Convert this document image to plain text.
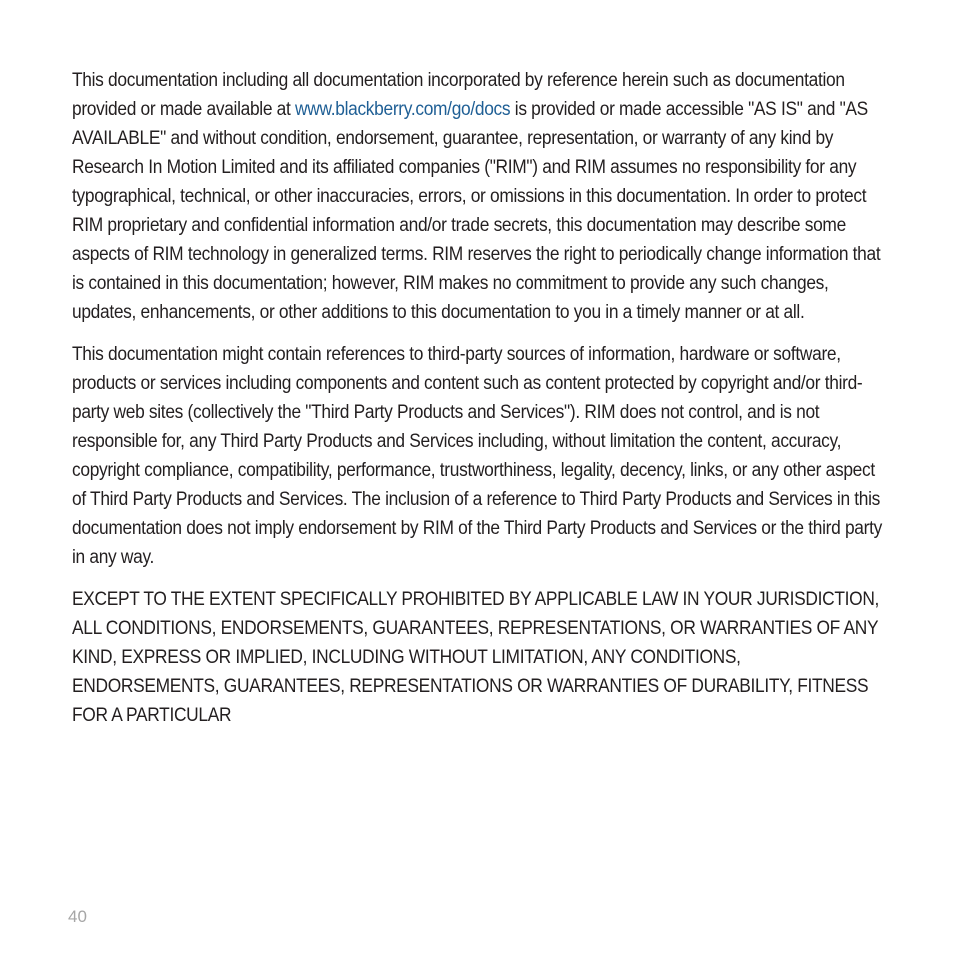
This documentation including all documentation incorporated by reference herein such as documentation provided or made available at www.blackberry.com/go/docs is provided or made accessible "AS IS" and "AS AVAILABLE" and without condition, endorsement, guarantee, representation, or warranty of any kind by Research In Motion Limited and its affiliated companies ("RIM") and RIM assumes no responsibility for any typographical, technical, or other inaccuracies, errors, or omissions in this documentation. In order to protect RIM proprietary and confidential information and/or trade secrets, this documentation may describe some aspects of RIM technology in generalized terms. RIM reserves the right to periodically change information that is contained in this documentation; however, RIM makes no commitment to provide any such changes, updates, enhancements, or other additions to this documentation to you in a timely manner or at all.

This documentation might contain references to third-party sources of information, hardware or software, products or services including components and content such as content protected by copyright and/or third-party web sites (collectively the "Third Party Products and Services"). RIM does not control, and is not responsible for, any Third Party Products and Services including, without limitation the content, accuracy, copyright compliance, compatibility, performance, trustworthiness, legality, decency, links, or any other aspect of Third Party Products and Services. The inclusion of a reference to Third Party Products and Services in this documentation does not imply endorsement by RIM of the Third Party Products and Services or the third party in any way.

EXCEPT TO THE EXTENT SPECIFICALLY PROHIBITED BY APPLICABLE LAW IN YOUR JURISDICTION, ALL CONDITIONS, ENDORSEMENTS, GUARANTEES, REPRESENTATIONS, OR WARRANTIES OF ANY KIND, EXPRESS OR IMPLIED, INCLUDING WITHOUT LIMITATION, ANY CONDITIONS, ENDORSEMENTS, GUARANTEES, REPRESENTATIONS OR WARRANTIES OF DURABILITY, FITNESS FOR A PARTICULAR

40
